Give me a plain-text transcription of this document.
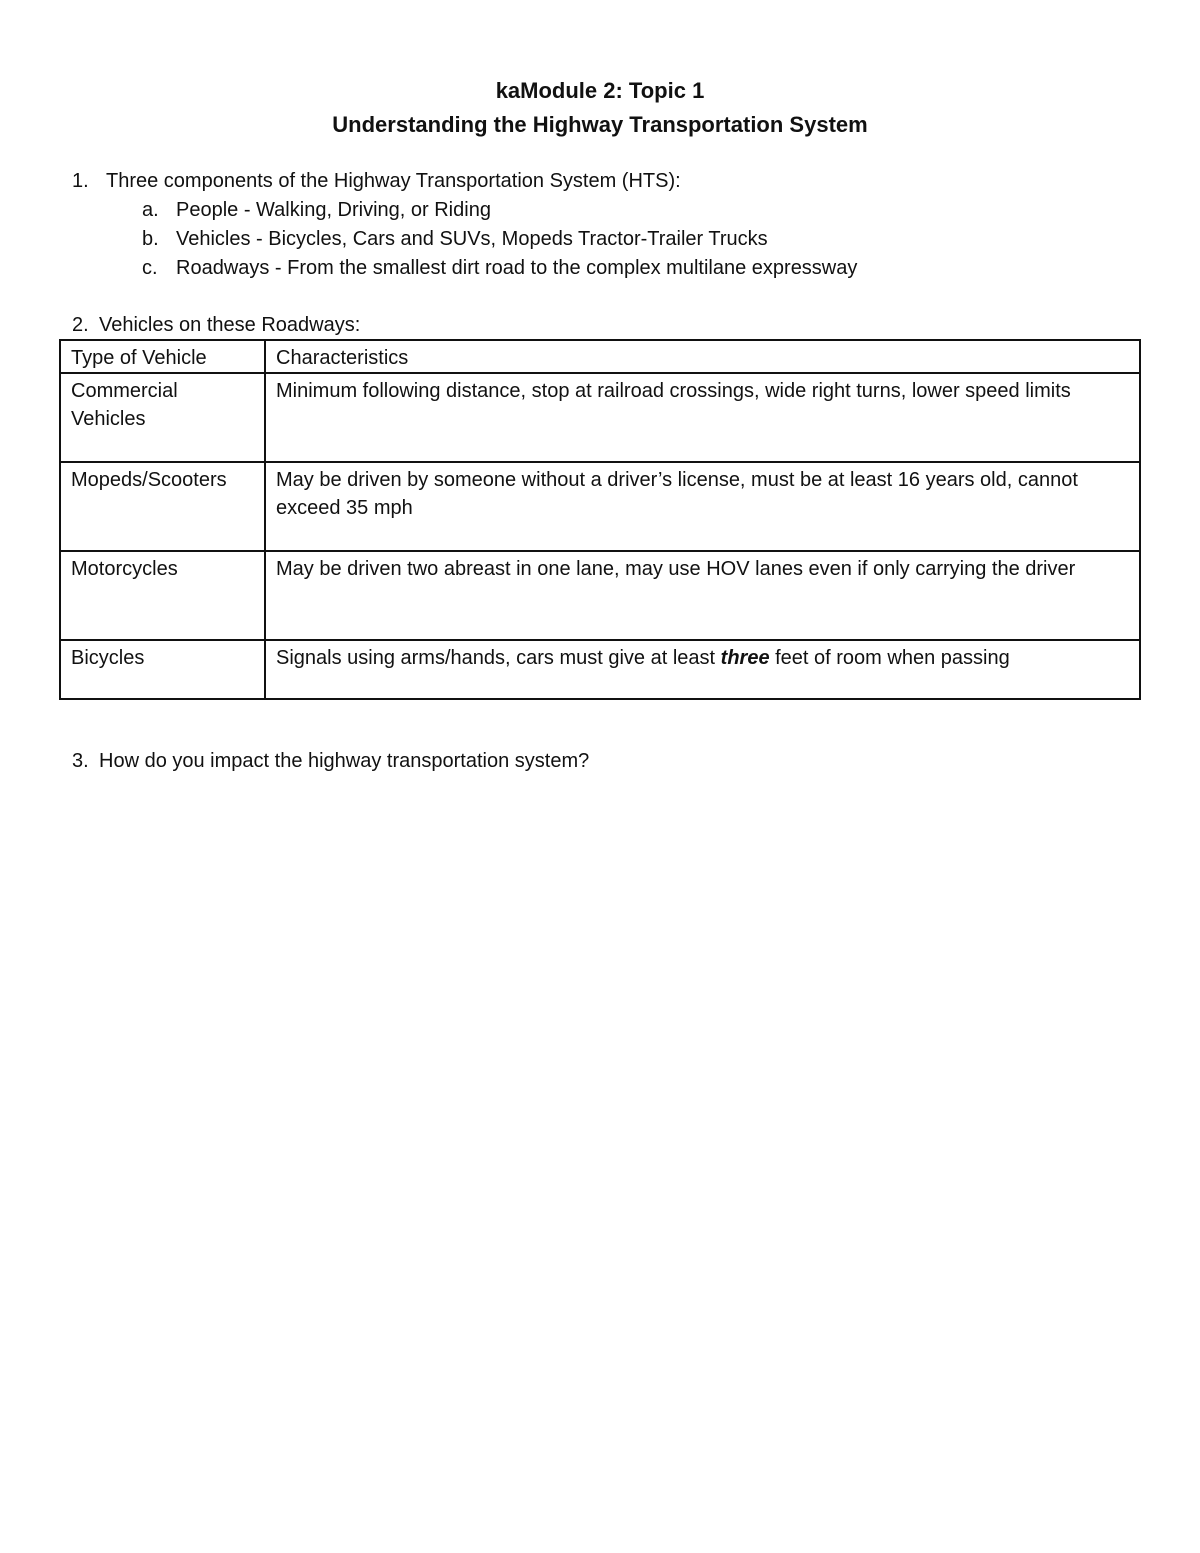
kaModule 2: Topic 1
Understanding the Highway Transportation System
1. Three components of the Highway Transportation System (HTS):
a. People - Walking, Driving, or Riding
b. Vehicles - Bicycles, Cars and SUVs, Mopeds Tractor-Trailer Trucks
c. Roadways - From the smallest dirt road to the complex multilane expressway
2. Vehicles on these Roadways:
Type of Vehicle	Characteristics
Commercial Vehicles	Minimum following distance, stop at railroad crossings, wide right turns, lower speed limits
Mopeds/Scooters	May be driven by someone without a driver’s license, must be at least 16 years old, cannot exceed 35 mph
Motorcycles	May be driven two abreast in one lane, may use HOV lanes even if only carrying the driver
Bicycles	Signals using arms/hands, cars must give at least three feet of room when passing
3. How do you impact the highway transportation system?
